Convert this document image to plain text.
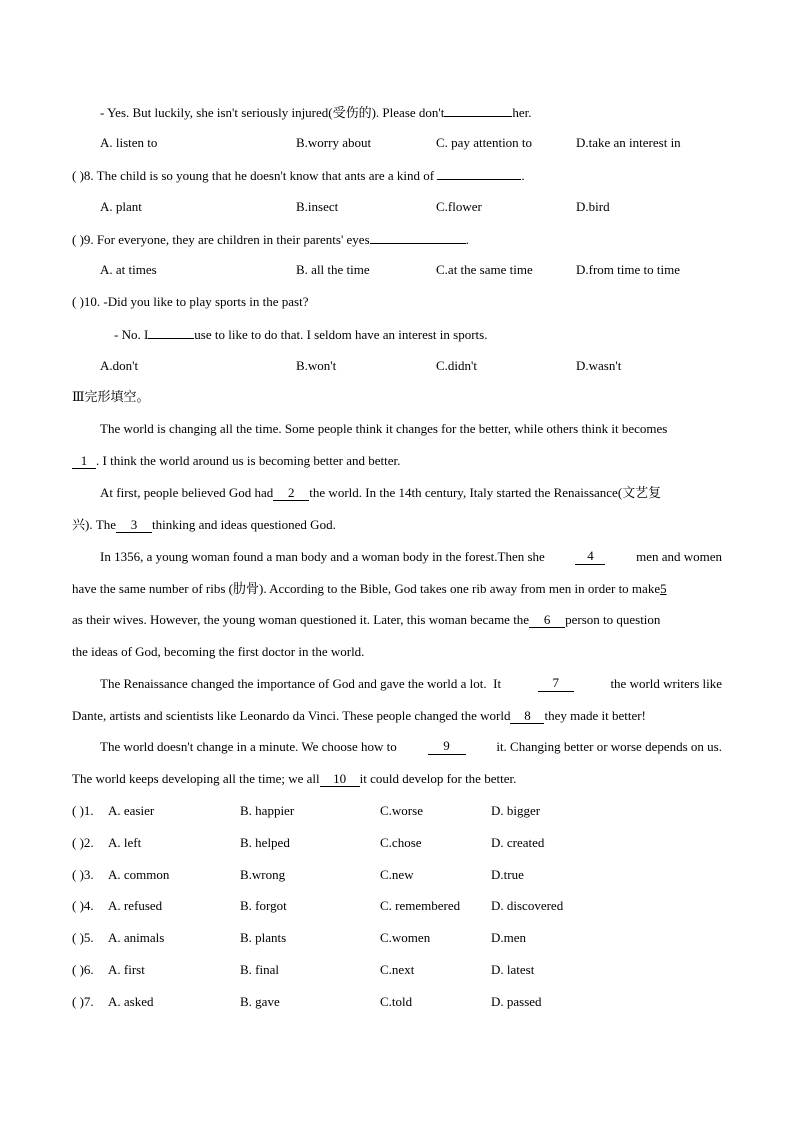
- Yes. But luckily, she isn't seriously injured(受伤的). Please don't	her.
A. listen to	B.worry about	C. pay attention to	D.take an interest in
( )8. The child is so young that he doesn't know that ants are a kind of	.
A. plant	B.insect	C.flower	D.bird
( )9. For everyone, they are children in their parents' eyes	.
A. at times	B. all the time	C.at the same time	D.from time to time
( )10. -Did you like to play sports in the past?
- No. I	use to like to do that. I seldom have an interest in sports.
A.don't	B.won't	C.didn't	D.wasn't
Ⅲ完形填空。
The world is changing all the time. Some people think it changes for the better, while others think it becomes
1 . I think the world around us is becoming better and better.
At first, people believed God had 2 the world. In the 14th century, Italy started the Renaissance(文艺复
兴). The 3 thinking and ideas questioned God.
In 1356, a young woman found a man body and a woman body in the forest.Then she	4	men and women
have the same number of ribs (肋骨). According to the Bible, God takes one rib away from men in order to make5
as their wives. However, the young woman questioned it. Later, this woman became the 6 person to question
the ideas of God, becoming the first doctor in the world.
The Renaissance changed the importance of God and gave the world a lot.  It	7	the world writers like
Dante, artists and scientists like Leonardo da Vinci. These people changed the world 8 they made it better!
The world doesn't change in a minute. We choose how to	9	it. Changing better or worse depends on us.
The world keeps developing all the time; we all 10 it could develop for the better.
( )1.	A. easier	B. happier	C.worse	D. bigger
( )2.	A. left	B. helped	C.chose	D. created
( )3.	A. common	B.wrong	C.new	D.true
( )4.	A. refused	B. forgot	C. remembered D. discovered
( )5.	A. animals	B. plants	C.women	D.men
( )6.	A. first	B. final	C.next	D. latest
( )7.	A. asked	B. gave	C.told	D. passed
